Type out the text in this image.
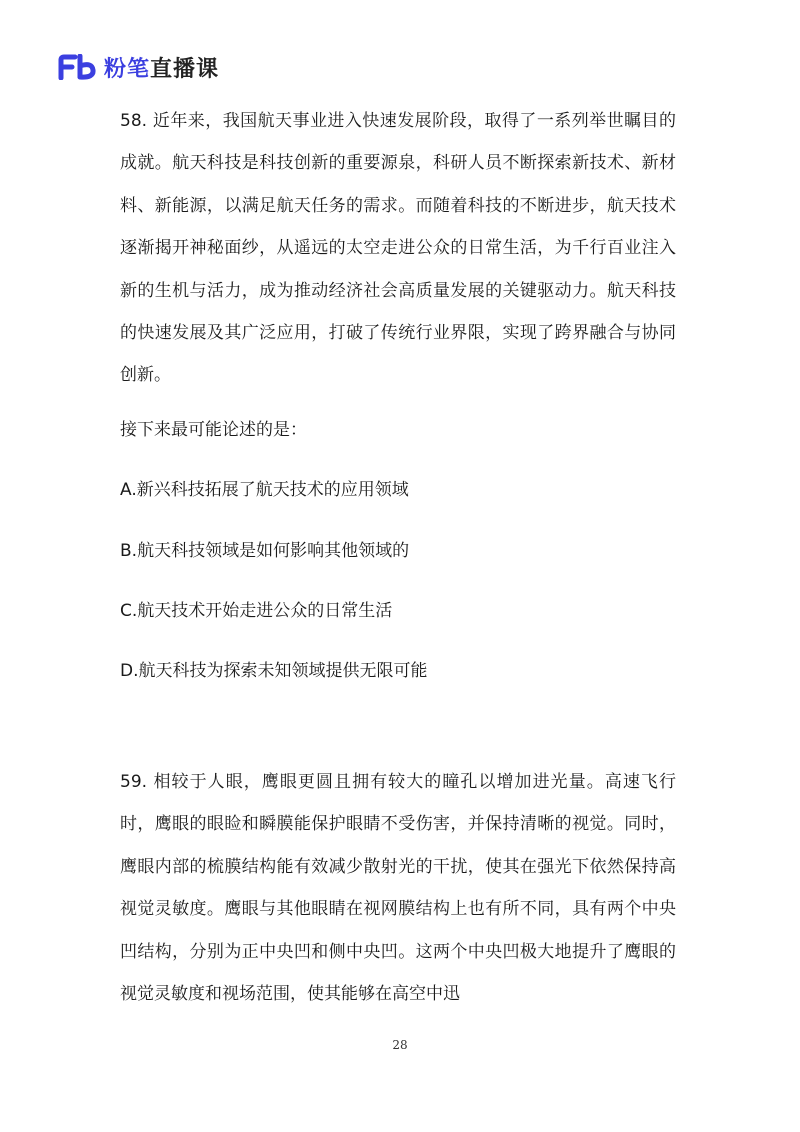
粉笔直播课

58. 近年来，我国航天事业进入快速发展阶段，取得了一系列举世瞩目的成就。航天科技是科技创新的重要源泉，科研人员不断探索新技术、新材料、新能源，以满足航天任务的需求。而随着科技的不断进步，航天技术逐渐揭开神秘面纱，从遥远的太空走进公众的日常生活，为千行百业注入新的生机与活力，成为推动经济社会高质量发展的关键驱动力。航天科技的快速发展及其广泛应用，打破了传统行业界限，实现了跨界融合与协同创新。

接下来最可能论述的是：

A.新兴科技拓展了航天技术的应用领域

B.航天科技领域是如何影响其他领域的

C.航天技术开始走进公众的日常生活

D.航天科技为探索未知领域提供无限可能

59. 相较于人眼，鹰眼更圆且拥有较大的瞳孔以增加进光量。高速飞行时，鹰眼的眼睑和瞬膜能保护眼睛不受伤害，并保持清晰的视觉。同时，鹰眼内部的梳膜结构能有效减少散射光的干扰，使其在强光下依然保持高视觉灵敏度。鹰眼与其他眼睛在视网膜结构上也有所不同，具有两个中央凹结构，分别为正中央凹和侧中央凹。这两个中央凹极大地提升了鹰眼的视觉灵敏度和视场范围，使其能够在高空中迅

28
